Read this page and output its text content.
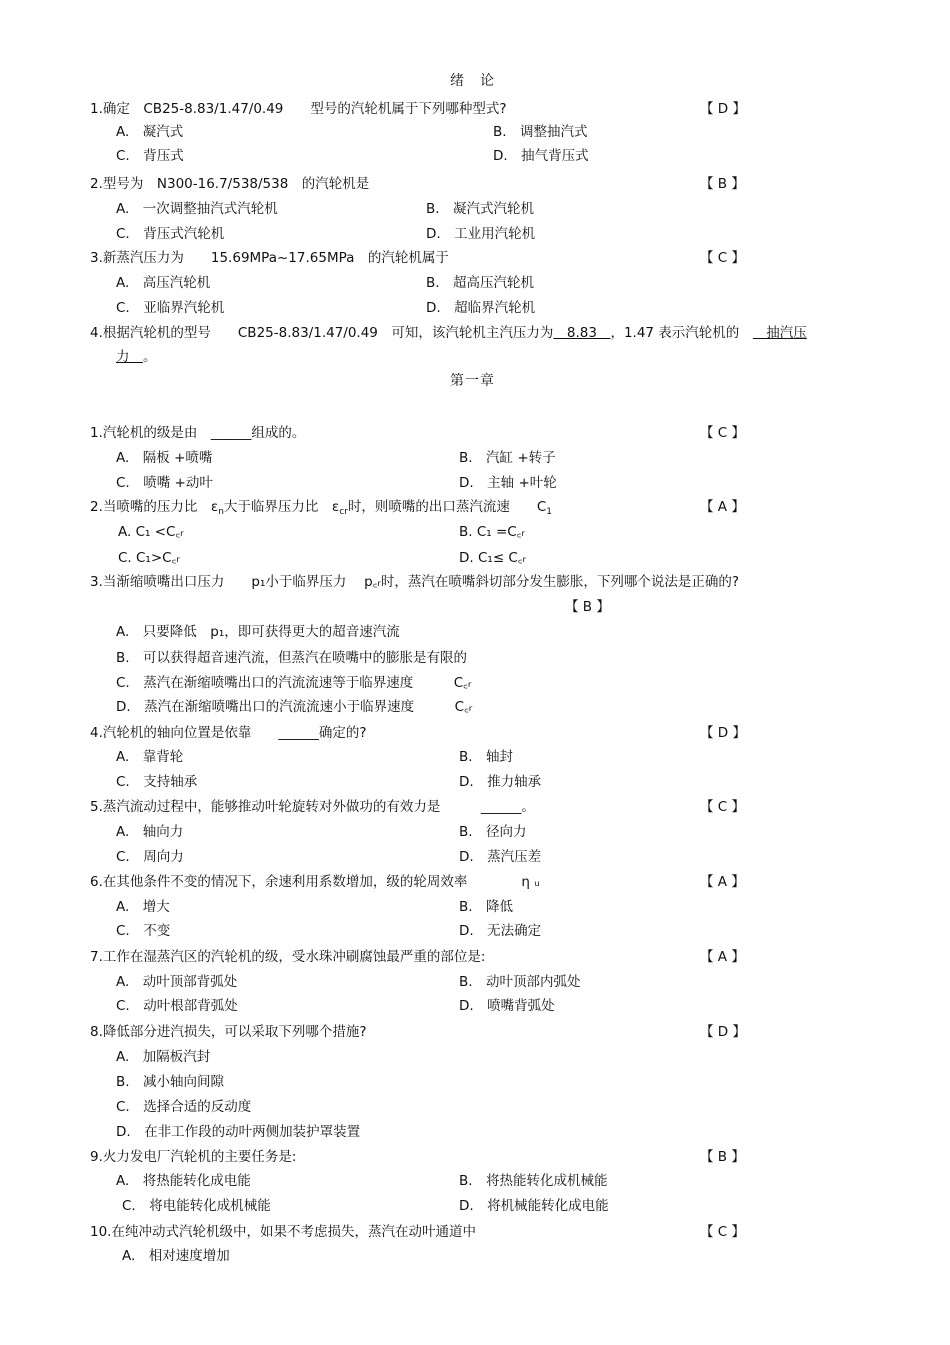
绪　论
1.确定　CB25-8.83/1.47/0.49　　型号的汽轮机属于下列哪种型式?	【 D 】
A.　凝汽式	B.　调整抽汽式
C.　背压式	D.　抽气背压式
2.型号为　N300-16.7/538/538　的汽轮机是	【 B 】
A.　一次调整抽汽式汽轮机	B.　凝汽式汽轮机
C.　背压式汽轮机	D.　工业用汽轮机
3.新蒸汽压力为　　15.69MPa~17.65MPa　的汽轮机属于	【 C 】
A.　高压汽轮机	B.　超高压汽轮机
C.　亚临界汽轮机	D.　超临界汽轮机
4.根据汽轮机的型号　　CB25-8.83/1.47/0.49　可知，该汽轮机主汽压力为　8.83　，1.47 表示汽轮机的　　抽汽压
力　。
第一章
1.汽轮机的级是由　______组成的。	【 C 】
A.　隔板 +喷嘴	B.　汽缸 +转子
C.　喷嘴 +动叶	D.　主轴 +叶轮
2.当喷嘴的压力比　$\varepsilon_n$大于临界压力比　$\varepsilon_{cr}$时，则喷嘴的出口蒸汽流速　　$C_1$	【 A 】
A. C₁ <C꜀ᵣ	B. C₁ =C꜀ᵣ
C. C₁>C꜀ᵣ	D. C₁≤ C꜀ᵣ
3.当渐缩喷嘴出口压力　　p₁小于临界压力　 p꜀ᵣ时，蒸汽在喷嘴斜切部分发生膨胀，下列哪个说法是正确的?
【 B 】
A.　只要降低　p₁，即可获得更大的超音速汽流
B.　可以获得超音速汽流，但蒸汽在喷嘴中的膨胀是有限的
C.　蒸汽在渐缩喷嘴出口的汽流流速等于临界速度　　　C꜀ᵣ
D.　蒸汽在渐缩喷嘴出口的汽流流速小于临界速度　　　C꜀ᵣ
4.汽轮机的轴向位置是依靠　　______确定的?	【 D 】
A.　靠背轮	B.　轴封
C.　支持轴承	D.　推力轴承
5.蒸汽流动过程中，能够推动叶轮旋转对外做功的有效力是　　　______。	【 C 】
A.　轴向力	B.　径向力
C.　周向力	D.　蒸汽压差
6.在其他条件不变的情况下，余速利用系数增加，级的轮周效率　　　　η ᵤ	【 A 】
A.　增大	B.　降低
C.　不变	D.　无法确定
7.工作在湿蒸汽区的汽轮机的级，受水珠冲刷腐蚀最严重的部位是:	【 A 】
A.　动叶顶部背弧处	B.　动叶顶部内弧处
C.　动叶根部背弧处	D.　喷嘴背弧处
8.降低部分进汽损失，可以采取下列哪个措施?	【 D 】
A.　加隔板汽封
B.　减小轴向间隙
C.　选择合适的反动度
D.　在非工作段的动叶两侧加装护罩装置
9.火力发电厂汽轮机的主要任务是:	【 B 】
A.　将热能转化成电能	B.　将热能转化成机械能
C.　将电能转化成机械能	D.　将机械能转化成电能
10.在纯冲动式汽轮机级中，如果不考虑损失，蒸汽在动叶通道中	【 C 】
A.　相对速度增加
